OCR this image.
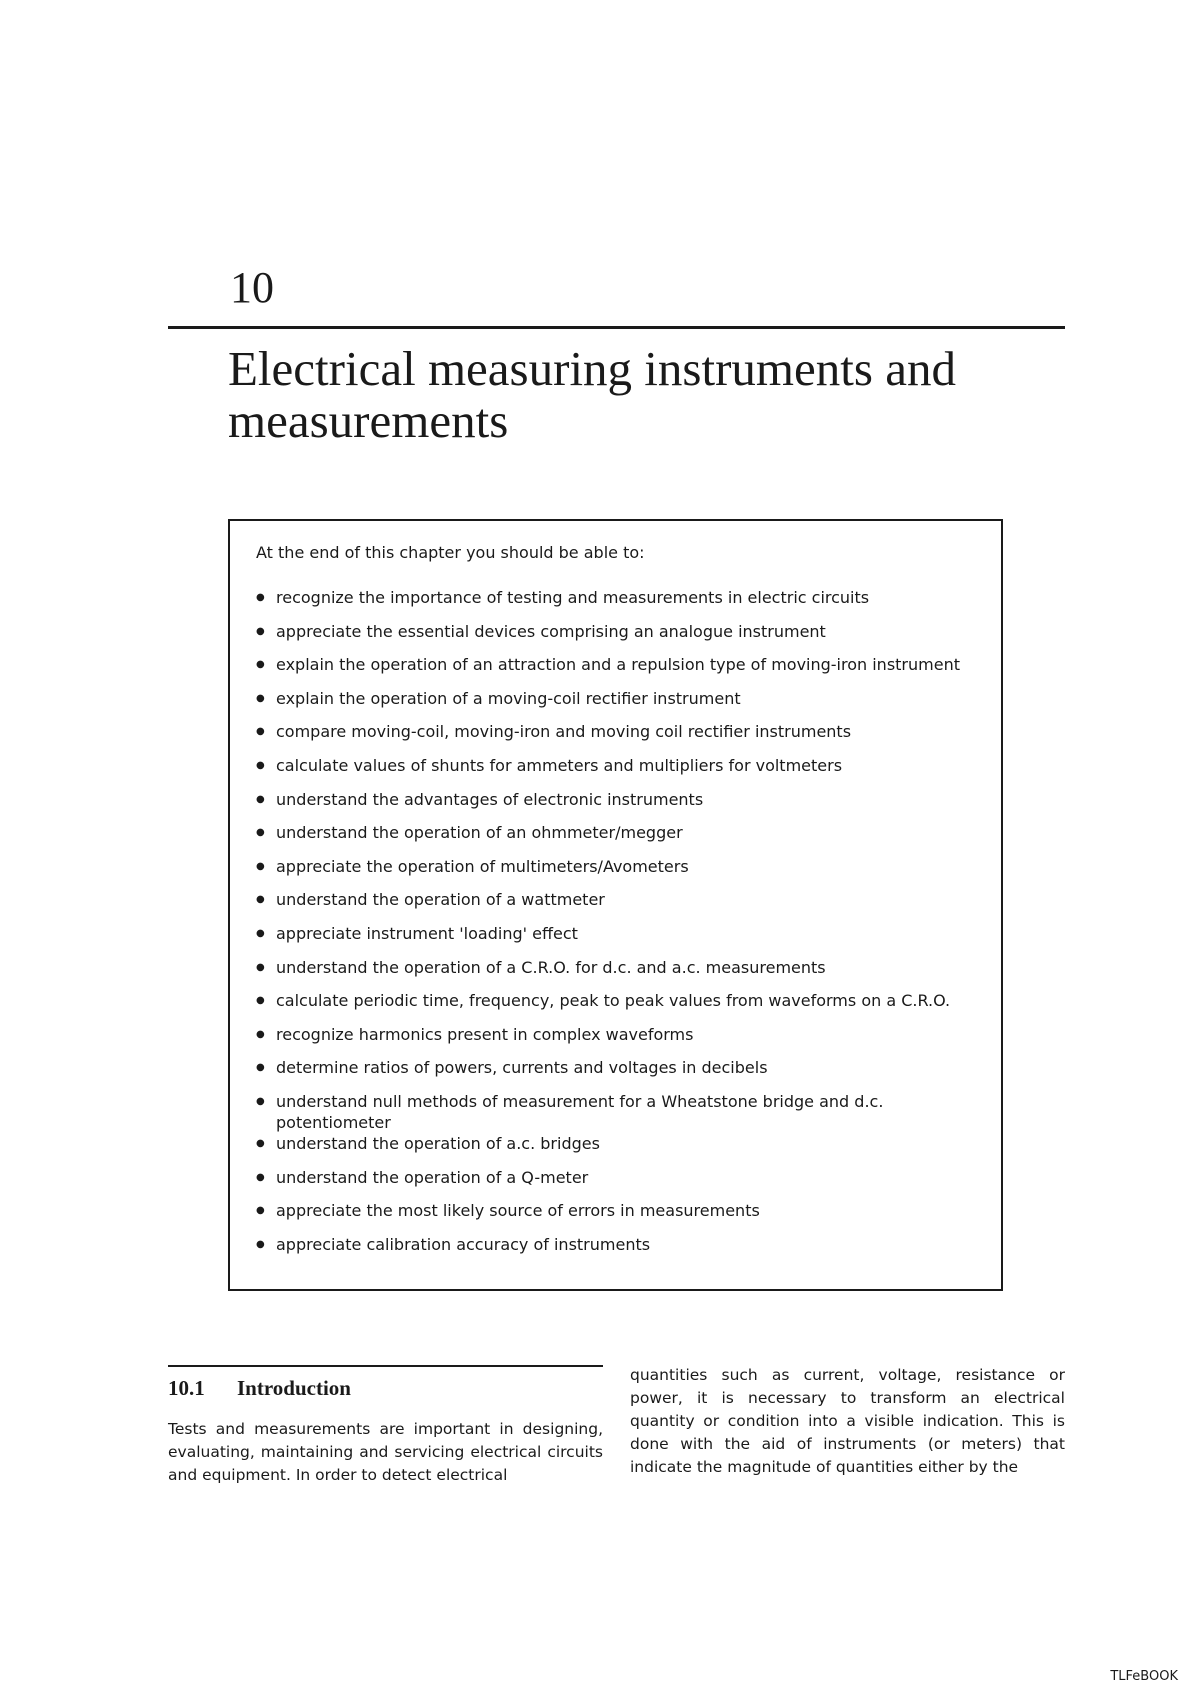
10
Electrical measuring instruments and measurements

At the end of this chapter you should be able to:

● recognize the importance of testing and measurements in electric circuits
● appreciate the essential devices comprising an analogue instrument
● explain the operation of an attraction and a repulsion type of moving-iron instrument
● explain the operation of a moving-coil rectifier instrument
● compare moving-coil, moving-iron and moving coil rectifier instruments
● calculate values of shunts for ammeters and multipliers for voltmeters
● understand the advantages of electronic instruments
● understand the operation of an ohmmeter/megger
● appreciate the operation of multimeters/Avometers
● understand the operation of a wattmeter
● appreciate instrument 'loading' effect
● understand the operation of a C.R.O. for d.c. and a.c. measurements
● calculate periodic time, frequency, peak to peak values from waveforms on a C.R.O.
● recognize harmonics present in complex waveforms
● determine ratios of powers, currents and voltages in decibels
● understand null methods of measurement for a Wheatstone bridge and d.c. potentiometer
● understand the operation of a.c. bridges
● understand the operation of a Q-meter
● appreciate the most likely source of errors in measurements
● appreciate calibration accuracy of instruments
10.1 Introduction

Tests and measurements are important in designing, evaluating, maintaining and servicing electrical circuits and equipment. In order to detect electrical

quantities such as current, voltage, resistance or power, it is necessary to transform an electrical quantity or condition into a visible indication. This is done with the aid of instruments (or meters) that indicate the magnitude of quantities either by the

TLFeBOOK
